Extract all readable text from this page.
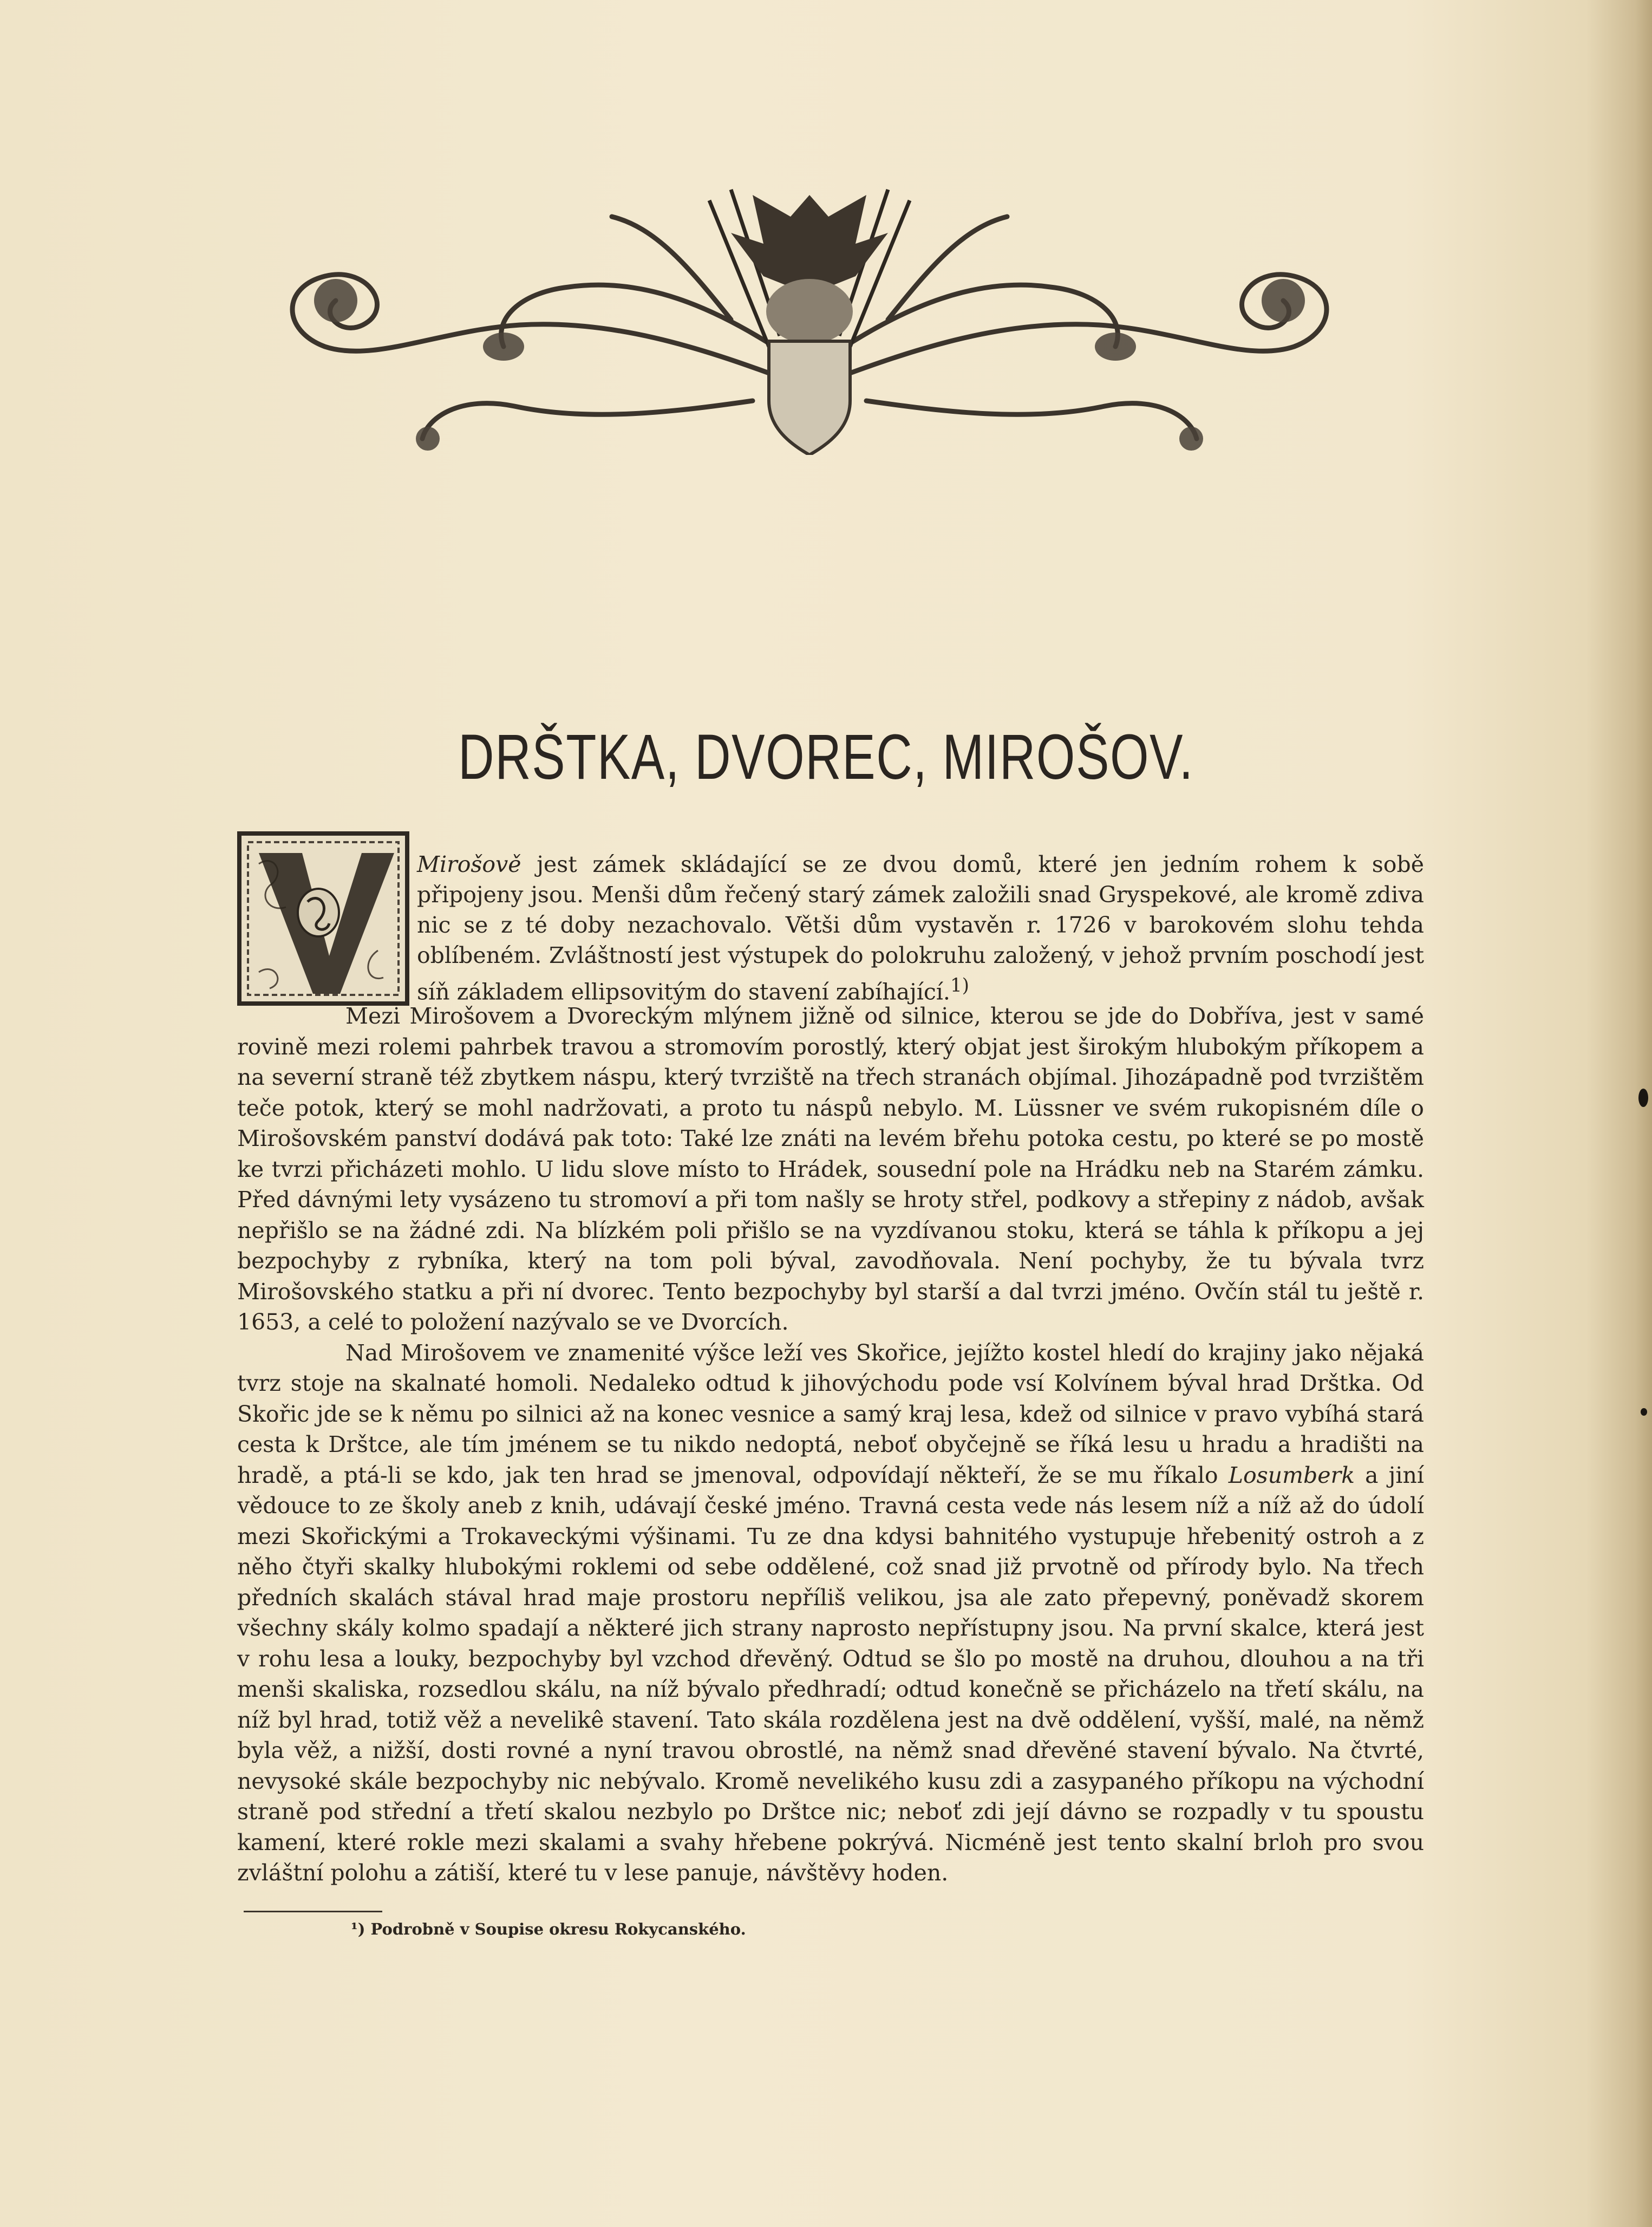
DRŠTKA, DVOREC, MIROŠOV.
Mirošově jest zámek skládající se ze dvou domů, které jen jedním rohem k sobě připojeny jsou. Menši dům řečený starý zámek založili snad Gryspekové, ale kromě zdiva nic se z té doby nezachovalo. Větši dům vystavěn r. 1726 v barokovém slohu tehda oblíbeném. Zvláštností jest výstupek do polokruhu založený, v jehož prvním poschodí jest síň základem ellipsovitým do stavení zabíhající.$^{1)}$

Mezi Mirošovem a Dvoreckým mlýnem jižně od silnice, kterou se jde do Dobříva, jest v samé rovině mezi rolemi pahrbek travou a stromovím porostlý, který objat jest širokým hlubokým příkopem a na severní straně též zbytkem náspu, který tvrziště na třech stranách objímal. Jihozápadně pod tvrzištěm teče potok, který se mohl nadržovati, a proto tu náspů nebylo. M. Lüssner ve svém rukopisném díle o Mirošovském panství dodává pak toto: Také lze znáti na levém břehu potoka cestu, po které se po mostě ke tvrzi přicházeti mohlo. U lidu slove místo to Hrádek, sousední pole na Hrádku neb na Starém zámku. Před dávnými lety vysázeno tu stromoví a při tom našly se hroty střel, podkovy a střepiny z nádob, avšak nepřišlo se na žádné zdi. Na blízkém poli přišlo se na vyzdívanou stoku, která se táhla k příkopu a jej bezpochyby z rybníka, který na tom poli býval, zavodňovala. Není pochyby, že tu bývala tvrz Mirošovského statku a při ní dvorec. Tento bezpochyby byl starší a dal tvrzi jméno. Ovčín stál tu ještě r. 1653, a celé to položení nazývalo se ve Dvorcích.

Nad Mirošovem ve znamenité výšce leží ves Skořice, jejížto kostel hledí do krajiny jako nějaká tvrz stoje na skalnaté homoli. Nedaleko odtud k jihovýchodu pode vsí Kolvínem býval hrad Drštka. Od Skořic jde se k němu po silnici až na konec vesnice a samý kraj lesa, kdež od silnice v pravo vybíhá stará cesta k Drštce, ale tím jménem se tu nikdo nedoptá, neboť obyčejně se říká lesu u hradu a hradišti na hradě, a ptá-li se kdo, jak ten hrad se jmenoval, odpovídají někteří, že se mu říkalo Losumberk a jiní vědouce to ze školy aneb z knih, udávají české jméno. Travná cesta vede nás lesem níž a níž až do údolí mezi Skořickými a Trokaveckými výšinami. Tu ze dna kdysi bahnitého vystupuje hřebenitý ostroh a z něho čtyři skalky hlubokými roklemi od sebe oddělené, což snad již prvotně od přírody bylo. Na třech předních skalách stával hrad maje prostoru nepříliš velikou, jsa ale zato přepevný, poněvadž skorem všechny skály kolmo spadají a některé jich strany naprosto nepřístupny jsou. Na první skalce, která jest v rohu lesa a louky, bezpochyby byl vzchod dřevěný. Odtud se šlo po mostě na druhou, dlouhou a na tři menši skaliska, rozsedlou skálu, na níž bývalo předhradí; odtud konečně se přicházelo na třetí skálu, na níž byl hrad, totiž věž a nevelikê stavení. Tato skála rozdělena jest na dvě oddělení, vyšší, malé, na němž byla věž, a nižší, dosti rovné a nyní travou obrostlé, na němž snad dřevěné stavení bývalo. Na čtvrté, nevysoké skále bezpochyby nic nebývalo. Kromě nevelikého kusu zdi a zasypaného příkopu na východní straně pod střední a třetí skalou nezbylo po Drštce nic; neboť zdi její dávno se rozpadly v tu spoustu kamení, které rokle mezi skalami a svahy hřebene pokrývá. Nicméně jest tento skalní brloh pro svou zvláštní polohu a zátiší, které tu v lese panuje, návštěvy hoden.

¹) Podrobně v Soupise okresu Rokycanského.
